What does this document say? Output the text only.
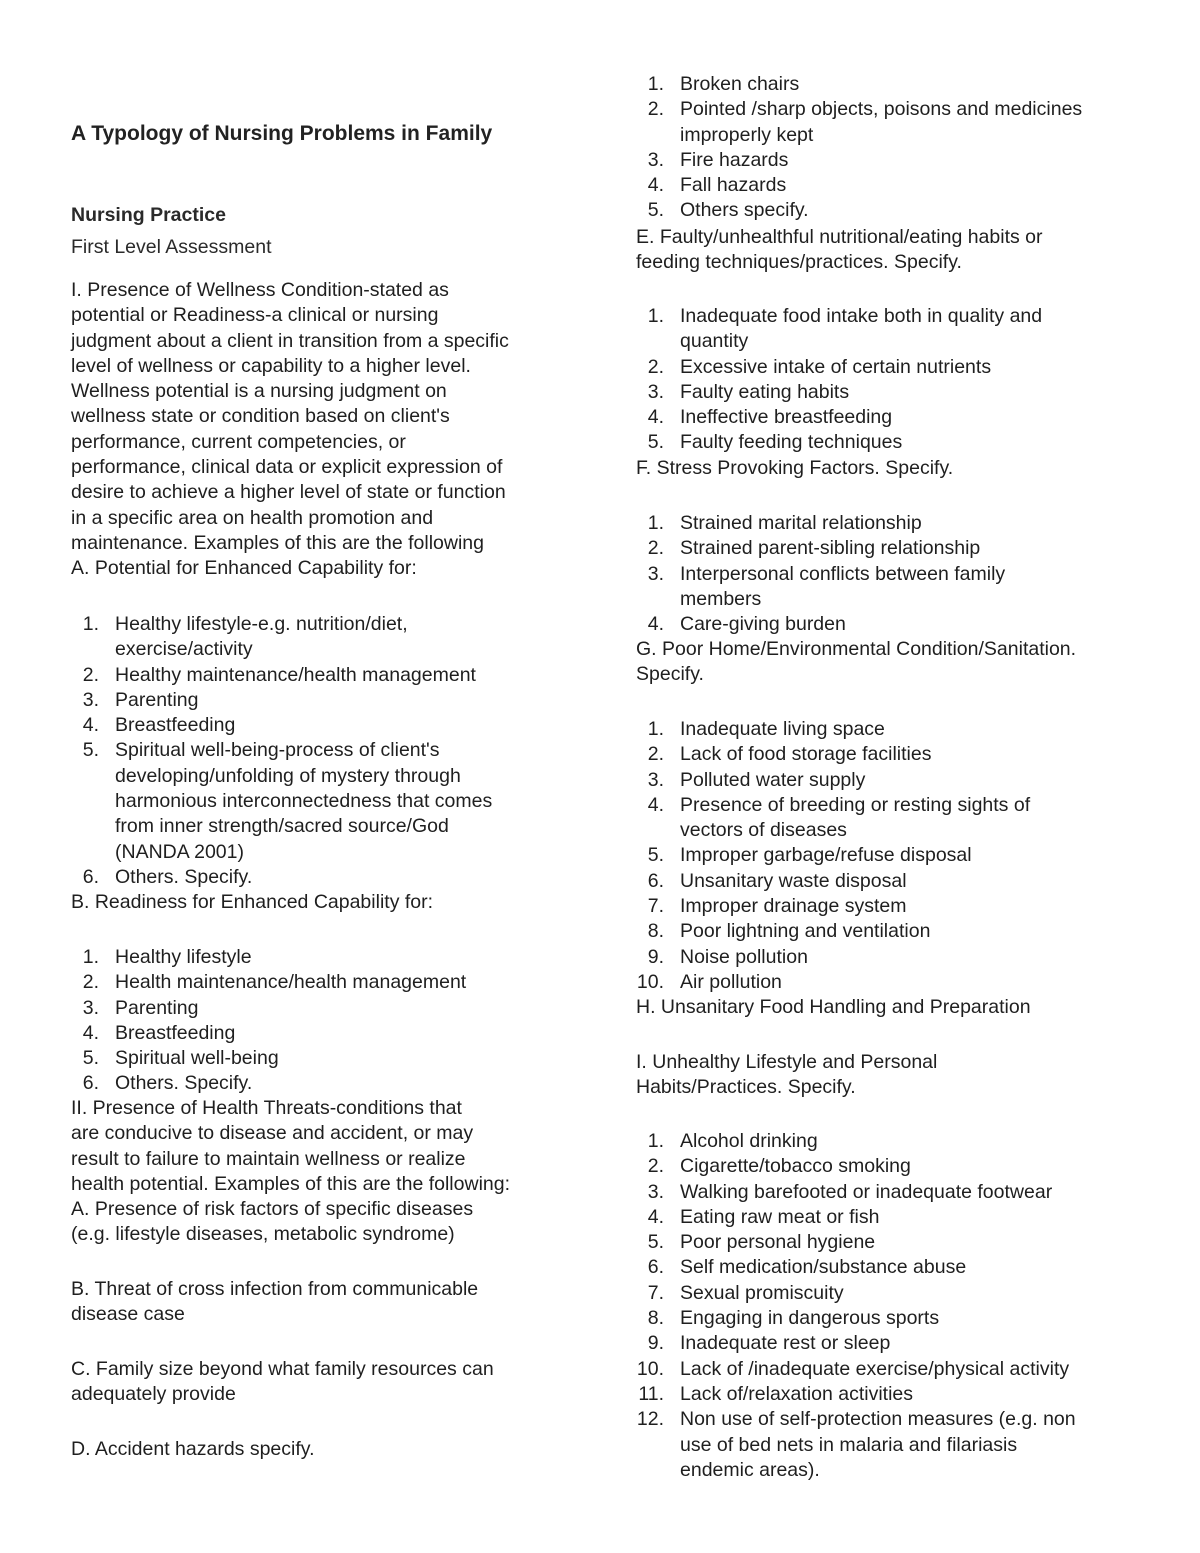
A Typology of Nursing Problems in Family
Nursing Practice
First Level Assessment

I. Presence of Wellness Condition-stated as

potential or Readiness-a clinical or nursing

judgment about a client in transition from a specific

level of wellness or capability to a higher level.

Wellness potential is a nursing judgment on

wellness state or condition based on client's

performance, current competencies, or

performance, clinical data or explicit expression of

desire to achieve a higher level of state or function

in a specific area on health promotion and

maintenance. Examples of this are the following

A. Potential for Enhanced Capability for:

1. Healthy lifestyle-e.g. nutrition/diet,
exercise/activity
2. Healthy maintenance/health management
3. Parenting
4. Breastfeeding
5. Spiritual well-being-process of client's
developing/unfolding of mystery through
harmonious interconnectedness that comes
from inner strength/sacred source/God
(NANDA 2001)
6. Others. Specify.

B. Readiness for Enhanced Capability for:

1. Healthy lifestyle
2. Health maintenance/health management
3. Parenting
4. Breastfeeding
5. Spiritual well-being
6. Others. Specify.

II. Presence of Health Threats-conditions that

are conducive to disease and accident, or may

result to failure to maintain wellness or realize

health potential. Examples of this are the following:

A. Presence of risk factors of specific diseases

(e.g. lifestyle diseases, metabolic syndrome)

B. Threat of cross infection from communicable

disease case

C. Family size beyond what family resources can

adequately provide

D. Accident hazards specify.

1. Broken chairs
2. Pointed /sharp objects, poisons and medicines
improperly kept
3. Fire hazards
4. Fall hazards
5. Others specify.

E. Faulty/unhealthful nutritional/eating habits or

feeding techniques/practices. Specify.

1. Inadequate food intake both in quality and
quantity
2. Excessive intake of certain nutrients
3. Faulty eating habits
4. Ineffective breastfeeding
5. Faulty feeding techniques

F. Stress Provoking Factors. Specify.

1. Strained marital relationship
2. Strained parent-sibling relationship
3. Interpersonal conflicts between family
members
4. Care-giving burden

G. Poor Home/Environmental Condition/Sanitation.

Specify.

1. Inadequate living space
2. Lack of food storage facilities
3. Polluted water supply
4. Presence of breeding or resting sights of
vectors of diseases
5. Improper garbage/refuse disposal
6. Unsanitary waste disposal
7. Improper drainage system
8. Poor lightning and ventilation
9. Noise pollution
10. Air pollution

H. Unsanitary Food Handling and Preparation

I. Unhealthy Lifestyle and Personal

Habits/Practices. Specify.

1. Alcohol drinking
2. Cigarette/tobacco smoking
3. Walking barefooted or inadequate footwear
4. Eating raw meat or fish
5. Poor personal hygiene
6. Self medication/substance abuse
7. Sexual promiscuity
8. Engaging in dangerous sports
9. Inadequate rest or sleep
10. Lack of /inadequate exercise/physical activity
11. Lack of/relaxation activities
12. Non use of self-protection measures (e.g. non
use of bed nets in malaria and filariasis
endemic areas).
